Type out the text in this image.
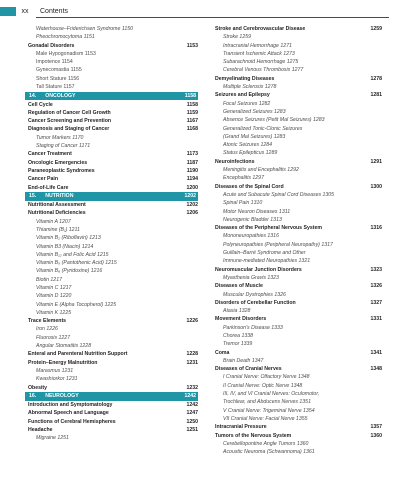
xx	Contents
Waterhouse–Friderichsen Syndrome 1150
Pheochromocytoma 1151
Gonadal Disorders	1153
Male Hypogonadism 1153
Impotence 1154
Gynecomastia 1155
Short Stature 1156
Tall Stature 1157
14. ONCOLOGY	1158
Cell Cycle	1158
Regulation of Cancer Cell Growth	1159
Cancer Screening and Prevention	1167
Diagnosis and Staging of Cancer	1168
Tumor Markers 1170
Staging of Cancer 1171
Cancer Treatment	1173
Oncologic Emergencies	1187
Paraneoplastic Syndromes	1190
Cancer Pain	1194
End-of-Life Care	1200
15. NUTRITION	1202
Nutritional Assessment	1202
Nutritional Deficiencies	1206
Vitamin A 1207
Thiamine (B₁) 1211
Vitamin B₂ (Riboflavin) 1213
Vitamin B3 (Niacin) 1214
Vitamin B₁₂ and Folic Acid 1215
Vitamin B₅ (Pantothenic Acid) 1215
Vitamin B₆ (Pyridoxine) 1216
Biotin 1217
Vitamin C 1217
Vitamin D 1220
Vitamin E (Alpha Tocopherol) 1225
Vitamin K 1225
Trace Elements	1226
Iron 1226
Fluorosis 1227
Angular Stomatitis 1228
Enteral and Parenteral Nutrition Support	1228
Protein–Energy Malnutrition	1231
Marasmus 1231
Kwashiorkor 1231
Obesity	1232
16. NEUROLOGY	1242
Introduction and Symptomatology	1242
Abnormal Speech and Language	1247
Functions of Cerebral Hemispheres	1250
Headache	1251
Migraine 1251
Stroke and Cerebrovascular Disease	1259
Stroke 1259
Intracranial Hemorrhage 1271
Transient Ischemic Attack 1273
Subarachnoid Hemorrhage 1275
Cerebral Venous Thrombosis 1277
Demyelinating Diseases	1278
Multiple Sclerosis 1278
Seizures and Epilepsy	1281
Focal Seizures 1282
Generalized Seizures 1283
Absence Seizures (Petit Mal Seizures) 1283
Generalized Tonic-Clonic Seizures
(Grand Mal Seizures) 1283
Atonic Seizures 1284
Status Epilepticus 1289
Neuroinfections	1291
Meningitis and Encephalitis 1292
Encephalitis 1297
Diseases of the Spinal Cord	1300
Acute and Subacute Spinal Cord Diseases 1305
Spinal Pain 1310
Motor Neuron Diseases 1311
Neurogenic Bladder 1313
Diseases of the Peripheral Nervous System	1316
Mononeuropathies 1316
Polyneuropathies (Peripheral Neuropathy) 1317
Guillain–Barré Syndrome and Other
Immune-mediated Neuropathies 1321
Neuromuscular Junction Disorders	1323
Myasthenia Gravis 1323
Diseases of Muscle	1326
Muscular Dystrophies 1326
Disorders of Cerebellar Function	1327
Ataxia 1328
Movement Disorders	1331
Parkinson's Disease 1333
Chorea 1338
Tremor 1339
Coma	1341
Brain Death 1347
Diseases of Cranial Nerves	1348
I Cranial Nerve: Olfactory Nerve 1348
II Cranial Nerve: Optic Nerve 1348
III, IV, and VI Cranial Nerves: Oculomotor,
Trochlear, and Abducens Nerves 1351
V Cranial Nerve: Trigeminal Nerve 1354
VII Cranial Nerve: Facial Nerve 1355
Intracranial Pressure	1357
Tumors of the Nervous System	1360
Cerebellopontine Angle Tumors 1360
Acoustic Neuroma (Schwannoma) 1361
